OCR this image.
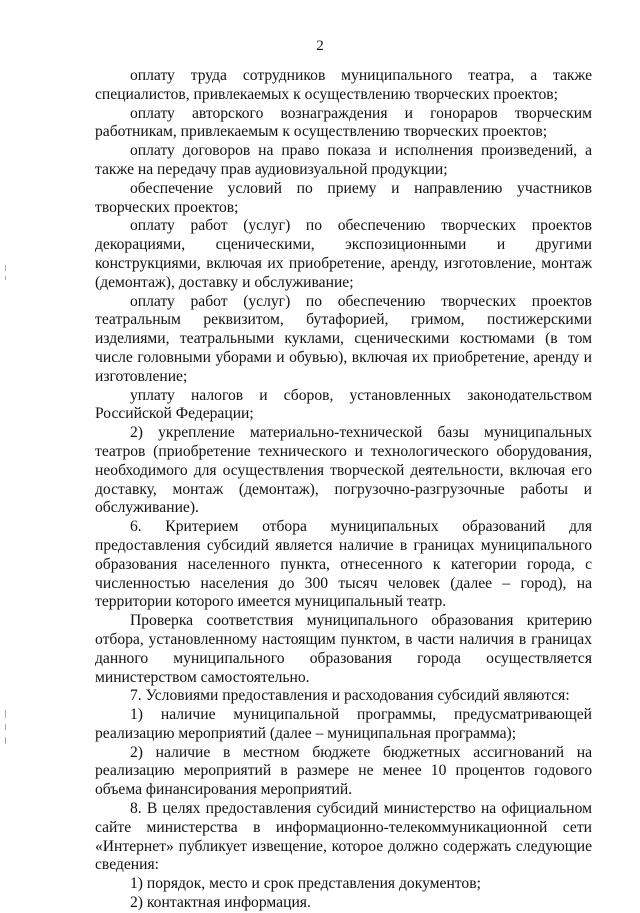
2

оплату труда сотрудников муниципального театра, а также специалистов, привлекаемых к осуществлению творческих проектов;

оплату авторского вознаграждения и гонораров творческим работникам, привлекаемым к осуществлению творческих проектов;

оплату договоров на право показа и исполнения произведений, а также на передачу прав аудиовизуальной продукции;

обеспечение условий по приему и направлению участников творческих проектов;

оплату работ (услуг) по обеспечению творческих проектов декорациями, сценическими, экспозиционными и другими конструкциями, включая их приобретение, аренду, изготовление, монтаж (демонтаж), доставку и обслуживание;

оплату работ (услуг) по обеспечению творческих проектов театральным реквизитом, бутафорией, гримом, постижерскими изделиями, театральными куклами, сценическими костюмами (в том числе головными уборами и обувью), включая их приобретение, аренду и изготовление;

уплату налогов и сборов, установленных законодательством Российской Федерации;

2) укрепление материально-технической базы муниципальных театров (приобретение технического и технологического оборудования, необходимого для осуществления творческой деятельности, включая его доставку, монтаж (демонтаж), погрузочно-разгрузочные работы и обслуживание).

6. Критерием отбора муниципальных образований для предоставления субсидий является наличие в границах муниципального образования населенного пункта, отнесенного к категории города, с численностью населения до 300 тысяч человек (далее – город), на территории которого имеется муниципальный театр.

Проверка соответствия муниципального образования критерию отбора, установленному настоящим пунктом, в части наличия в границах данного муниципального образования города осуществляется министерством самостоятельно.

7. Условиями предоставления и расходования субсидий являются:

1) наличие муниципальной программы, предусматривающей реализацию мероприятий (далее – муниципальная программа);

2) наличие в местном бюджете бюджетных ассигнований на реализацию мероприятий в размере не менее 10 процентов годового объема финансирования мероприятий.

8. В целях предоставления субсидий министерство на официальном сайте министерства в информационно-телекоммуникационной сети «Интернет» публикует извещение, которое должно содержать следующие сведения:

1) порядок, место и срок представления документов;

2) контактная информация.
